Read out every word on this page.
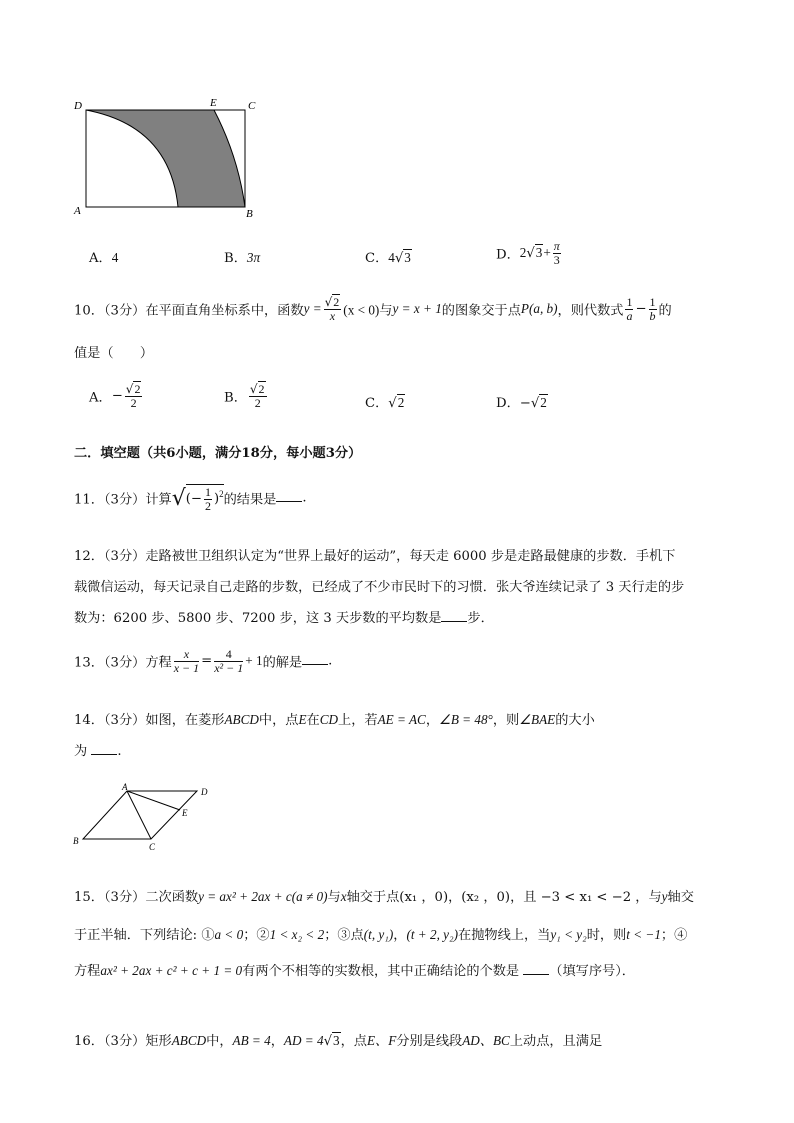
D	E	C
A	B
A．4	B．3π	C．4√3	D．$2√3+ \frac{\pi}{3}$
10．（3分）在平面直角坐标系中，函数$y = \frac{√2}{x} (x < 0)$与y = x + 1的图象交于点P(a, b)，则代数式 $\frac{1}{a} - \frac{1}{b}$ 的
值是（　　）
A．− $\frac{√2}{2}$	B． $\frac{√2}{2}$	C．√2	D．−√2
二．填空题（共6小题，满分18分，每小题3分）
11．（3分）计算√(− $\frac{1}{2} )^2$的结果是 .
12．（3分）走路被世卫组织认定为“世界上最好的运动”，每天走 6000 步是走路最健康的步数．手机下
载微信运动，每天记录自己走路的步数，已经成了不少市民时下的习惯．张大爷连续记录了 3 天行走的步
数为：6200 步、5800 步、7200 步，这 3 天步数的平均数是 步．
13．（3分）方程 $\frac{x}{x - 1} = \frac{4}{\text{x² − 1}} + 1$的解是 .
14．（3分）如图，在菱形ABCD中，点E在CD上，若AE = AC，∠B = 48°，则∠BAE的大小
为 .
A	D
E
B
C
15．（3分）二次函数y = ax² + 2ax + c(a ≠ 0)与x轴交于点(x₁ ，0)，(x₂ ，0)，且 −3 < x₁ < −2 ，与y轴交
于正半轴．下列结论: ①a < 0；②1 < x₂ < 2；③点(t, y₁)，(t + 2, y₂)在抛物线上，当y₁ < y₂时，则t < −1；④
方程ax² + 2ax + c² + c + 1 = 0有两个不相等的实数根，其中正确结论的个数是 （填写序号）．
16．（3分）矩形ABCD中，AB = 4，AD = 4√3，点E、F分别是线段AD、BC上动点，且满足
